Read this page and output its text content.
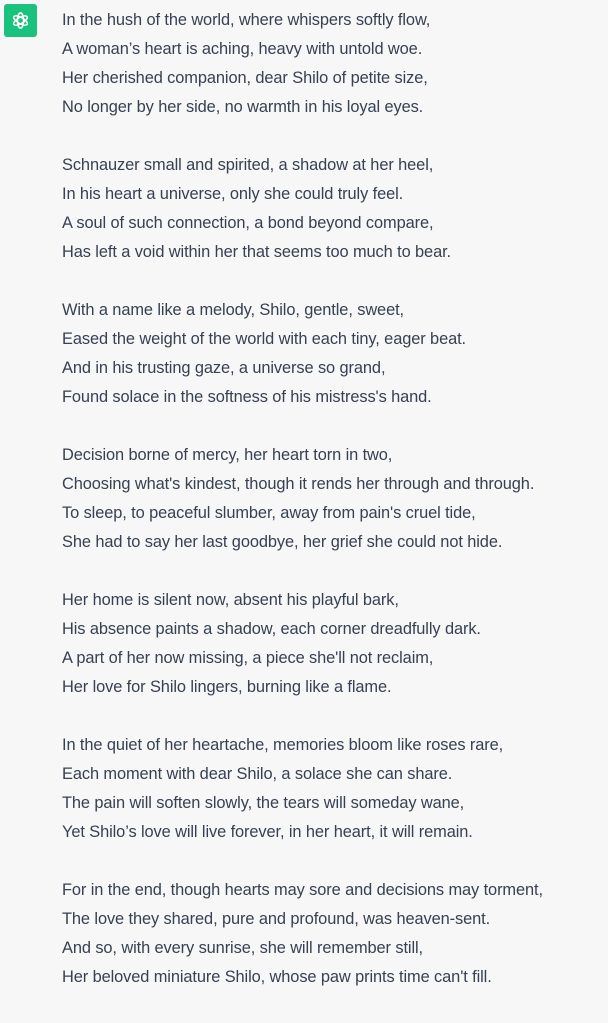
In the hush of the world, where whispers softly flow,
A woman’s heart is aching, heavy with untold woe.
Her cherished companion, dear Shilo of petite size,
No longer by her side, no warmth in his loyal eyes.
Schnauzer small and spirited, a shadow at her heel,
In his heart a universe, only she could truly feel.
A soul of such connection, a bond beyond compare,
Has left a void within her that seems too much to bear.
With a name like a melody, Shilo, gentle, sweet,
Eased the weight of the world with each tiny, eager beat.
And in his trusting gaze, a universe so grand,
Found solace in the softness of his mistress's hand.
Decision borne of mercy, her heart torn in two,
Choosing what's kindest, though it rends her through and through.
To sleep, to peaceful slumber, away from pain's cruel tide,
She had to say her last goodbye, her grief she could not hide.
Her home is silent now, absent his playful bark,
His absence paints a shadow, each corner dreadfully dark.
A part of her now missing, a piece she'll not reclaim,
Her love for Shilo lingers, burning like a flame.
In the quiet of her heartache, memories bloom like roses rare,
Each moment with dear Shilo, a solace she can share.
The pain will soften slowly, the tears will someday wane,
Yet Shilo’s love will live forever, in her heart, it will remain.
For in the end, though hearts may sore and decisions may torment,
The love they shared, pure and profound, was heaven-sent.
And so, with every sunrise, she will remember still,
Her beloved miniature Shilo, whose paw prints time can't fill.
